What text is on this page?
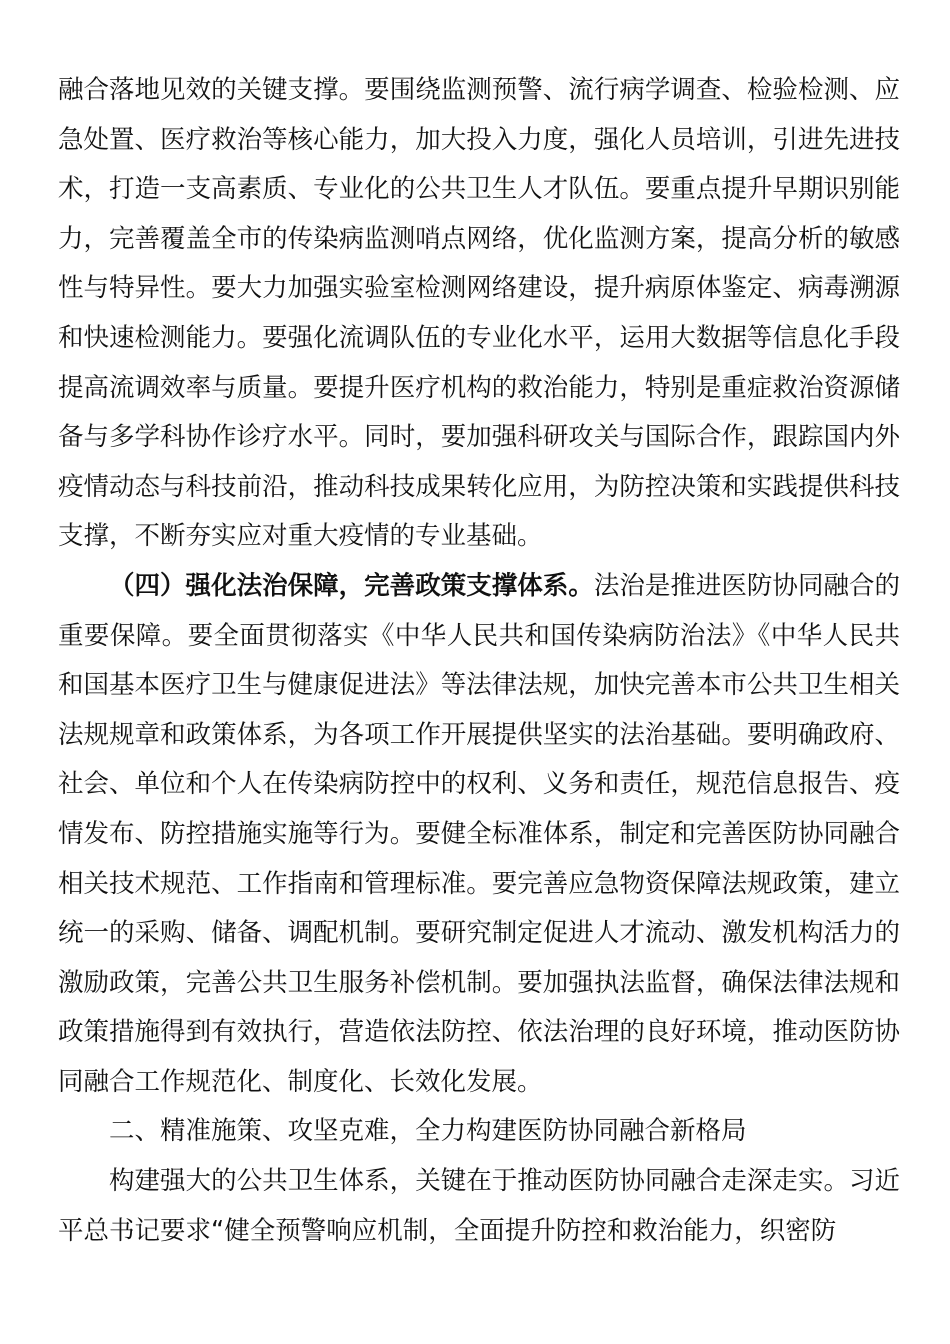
融合落地见效的关键支撑。要围绕监测预警、流行病学调查、检验检测、应急处置、医疗救治等核心能力，加大投入力度，强化人员培训，引进先进技术，打造一支高素质、专业化的公共卫生人才队伍。要重点提升早期识别能力，完善覆盖全市的传染病监测哨点网络，优化监测方案，提高分析的敏感性与特异性。要大力加强实验室检测网络建设，提升病原体鉴定、病毒溯源和快速检测能力。要强化流调队伍的专业化水平，运用大数据等信息化手段提高流调效率与质量。要提升医疗机构的救治能力，特别是重症救治资源储备与多学科协作诊疗水平。同时，要加强科研攻关与国际合作，跟踪国内外疫情动态与科技前沿，推动科技成果转化应用，为防控决策和实践提供科技支撑，不断夯实应对重大疫情的专业基础。

（四）强化法治保障，完善政策支撑体系。法治是推进医防协同融合的重要保障。要全面贯彻落实《中华人民共和国传染病防治法》《中华人民共和国基本医疗卫生与健康促进法》等法律法规，加快完善本市公共卫生相关法规规章和政策体系，为各项工作开展提供坚实的法治基础。要明确政府、社会、单位和个人在传染病防控中的权利、义务和责任，规范信息报告、疫情发布、防控措施实施等行为。要健全标准体系，制定和完善医防协同融合相关技术规范、工作指南和管理标准。要完善应急物资保障法规政策，建立统一的采购、储备、调配机制。要研究制定促进人才流动、激发机构活力的激励政策，完善公共卫生服务补偿机制。要加强执法监督，确保法律法规和政策措施得到有效执行，营造依法防控、依法治理的良好环境，推动医防协同融合工作规范化、制度化、长效化发展。

二、精准施策、攻坚克难，全力构建医防协同融合新格局

构建强大的公共卫生体系，关键在于推动医防协同融合走深走实。习近平总书记要求“健全预警响应机制，全面提升防控和救治能力，织密防
